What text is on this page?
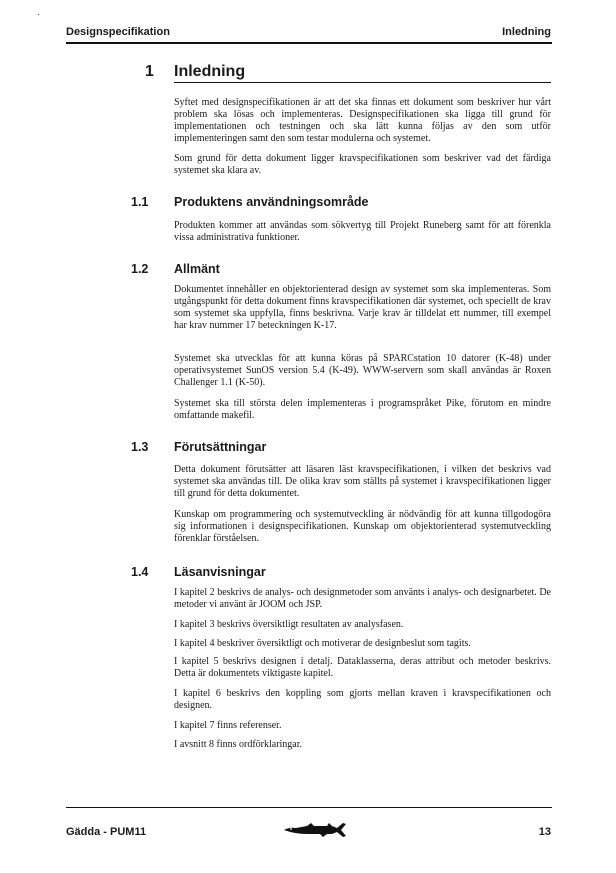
Designspecifikation	Inledning
1 Inledning

Syftet med designspecifikationen är att det ska finnas ett dokument som beskriver hur vårt problem ska lösas och implementeras. Designspecifikationen ska ligga till grund för implementationen och testningen och ska lätt kunna följas av den som utför implementeringen samt den som testar modulerna och systemet.

Som grund för detta dokument ligger kravspecifikationen som beskriver vad det färdiga systemet ska klara av.

1.1 Produktens användningsområde

Produkten kommer att användas som sökvertyg till Projekt Runeberg samt för att förenkla vissa administrativa funktioner.

1.2 Allmänt

Dokumentet innehåller en objektorienterad design av systemet som ska implementeras. Som utgångspunkt för detta dokument finns kravspecifikationen där systemet, och speciellt de krav som systemet ska uppfylla, finns beskrivna. Varje krav är tilldelat ett nummer, till exempel har krav nummer 17 beteckningen K-17.

Systemet ska utvecklas för att kunna köras på SPARCstation 10 datorer (K-48) under operativsystemet SunOS version 5.4 (K-49). WWW-servern som skall användas är Roxen Challenger 1.1 (K-50).

Systemet ska till största delen implementeras i programspråket Pike, förutom en mindre omfattande makefil.

1.3 Förutsättningar

Detta dokument förutsätter att läsaren läst kravspecifikationen, i vilken det beskrivs vad systemet ska användas till. De olika krav som ställts på systemet i kravspecifikationen ligger till grund för detta dokumentet.

Kunskap om programmering och systemutveckling är nödvändig för att kunna tillgodogöra sig informationen i designspecifikationen. Kunskap om objektorienterad systemutveckling förenklar förståelsen.

1.4 Läsanvisningar

I kapitel 2 beskrivs de analys- och designmetoder som använts i analys- och designarbetet. De metoder vi använt är JOOM och JSP.

I kapitel 3 beskrivs översiktligt resultaten av analysfasen.

I kapitel 4 beskriver översiktligt och motiverar de designbeslut som tagits.

I kapitel 5 beskrivs designen i detalj. Dataklasserna, deras attribut och metoder beskrivs. Detta är dokumentets viktigaste kapitel.

I kapitel 6 beskrivs den koppling som gjorts mellan kraven i kravspecifikationen och designen.

I kapitel 7 finns referenser.

I avsnitt 8 finns ordförklaringar.

Gädda - PUM11	13
